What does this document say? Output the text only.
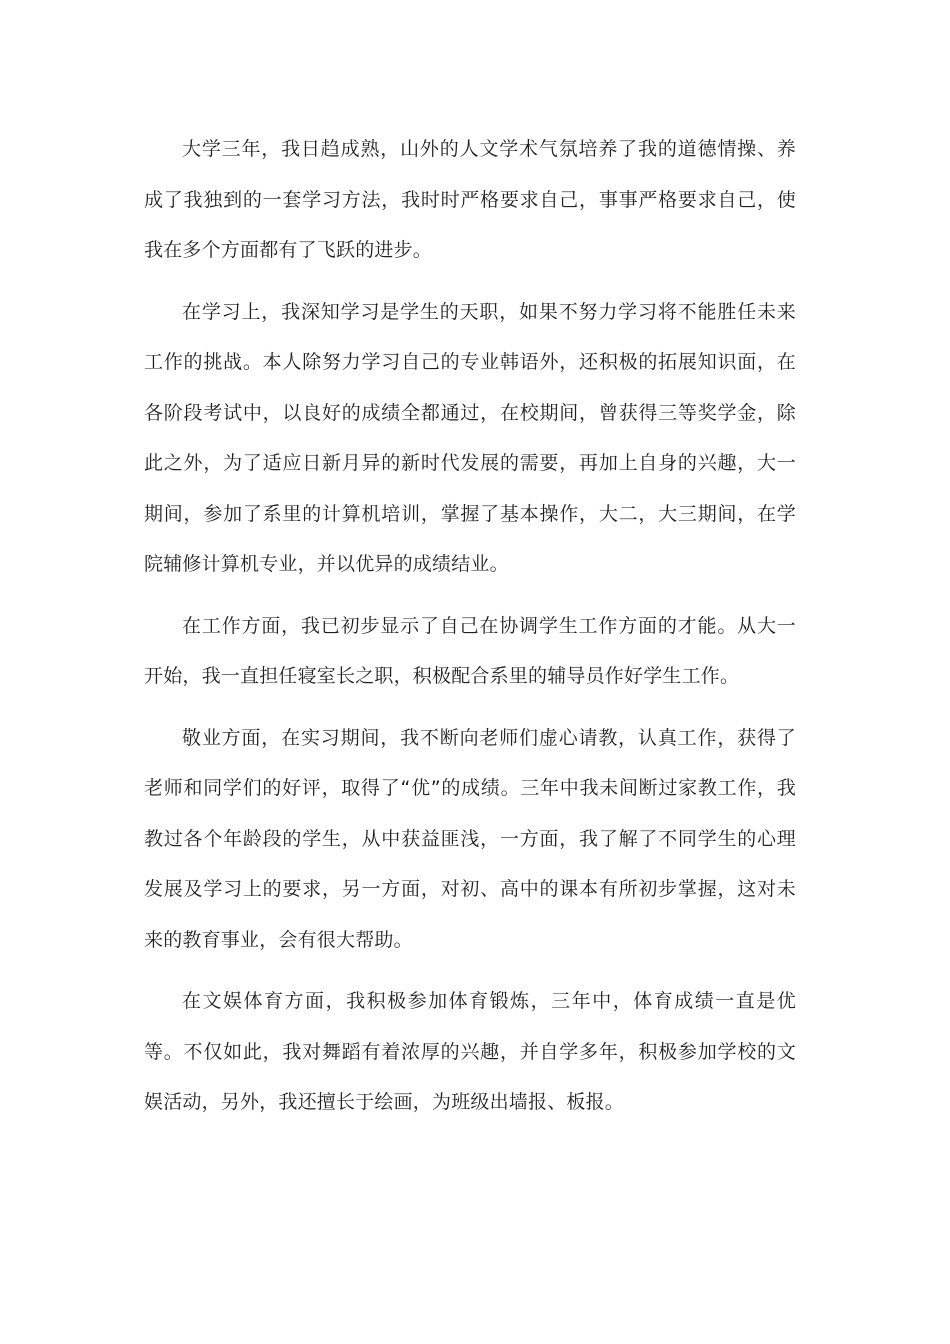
大学三年，我日趋成熟，山外的人文学术气氛培养了我的道德情操、养成了我独到的一套学习方法，我时时严格要求自己，事事严格要求自己，使我在多个方面都有了飞跃的进步。

在学习上，我深知学习是学生的天职，如果不努力学习将不能胜任未来工作的挑战。本人除努力学习自己的专业韩语外，还积极的拓展知识面，在各阶段考试中，以良好的成绩全都通过，在校期间，曾获得三等奖学金，除此之外，为了适应日新月异的新时代发展的需要，再加上自身的兴趣，大一期间，参加了系里的计算机培训，掌握了基本操作，大二，大三期间，在学院辅修计算机专业，并以优异的成绩结业。

在工作方面，我已初步显示了自己在协调学生工作方面的才能。从大一开始，我一直担任寝室长之职，积极配合系里的辅导员作好学生工作。

敬业方面，在实习期间，我不断向老师们虚心请教，认真工作，获得了老师和同学们的好评，取得了“优”的成绩。三年中我未间断过家教工作，我教过各个年龄段的学生，从中获益匪浅，一方面，我了解了不同学生的心理发展及学习上的要求，另一方面，对初、高中的课本有所初步掌握，这对未来的教育事业，会有很大帮助。

在文娱体育方面，我积极参加体育锻炼，三年中，体育成绩一直是优等。不仅如此，我对舞蹈有着浓厚的兴趣，并自学多年，积极参加学校的文娱活动，另外，我还擅长于绘画，为班级出墙报、板报。
